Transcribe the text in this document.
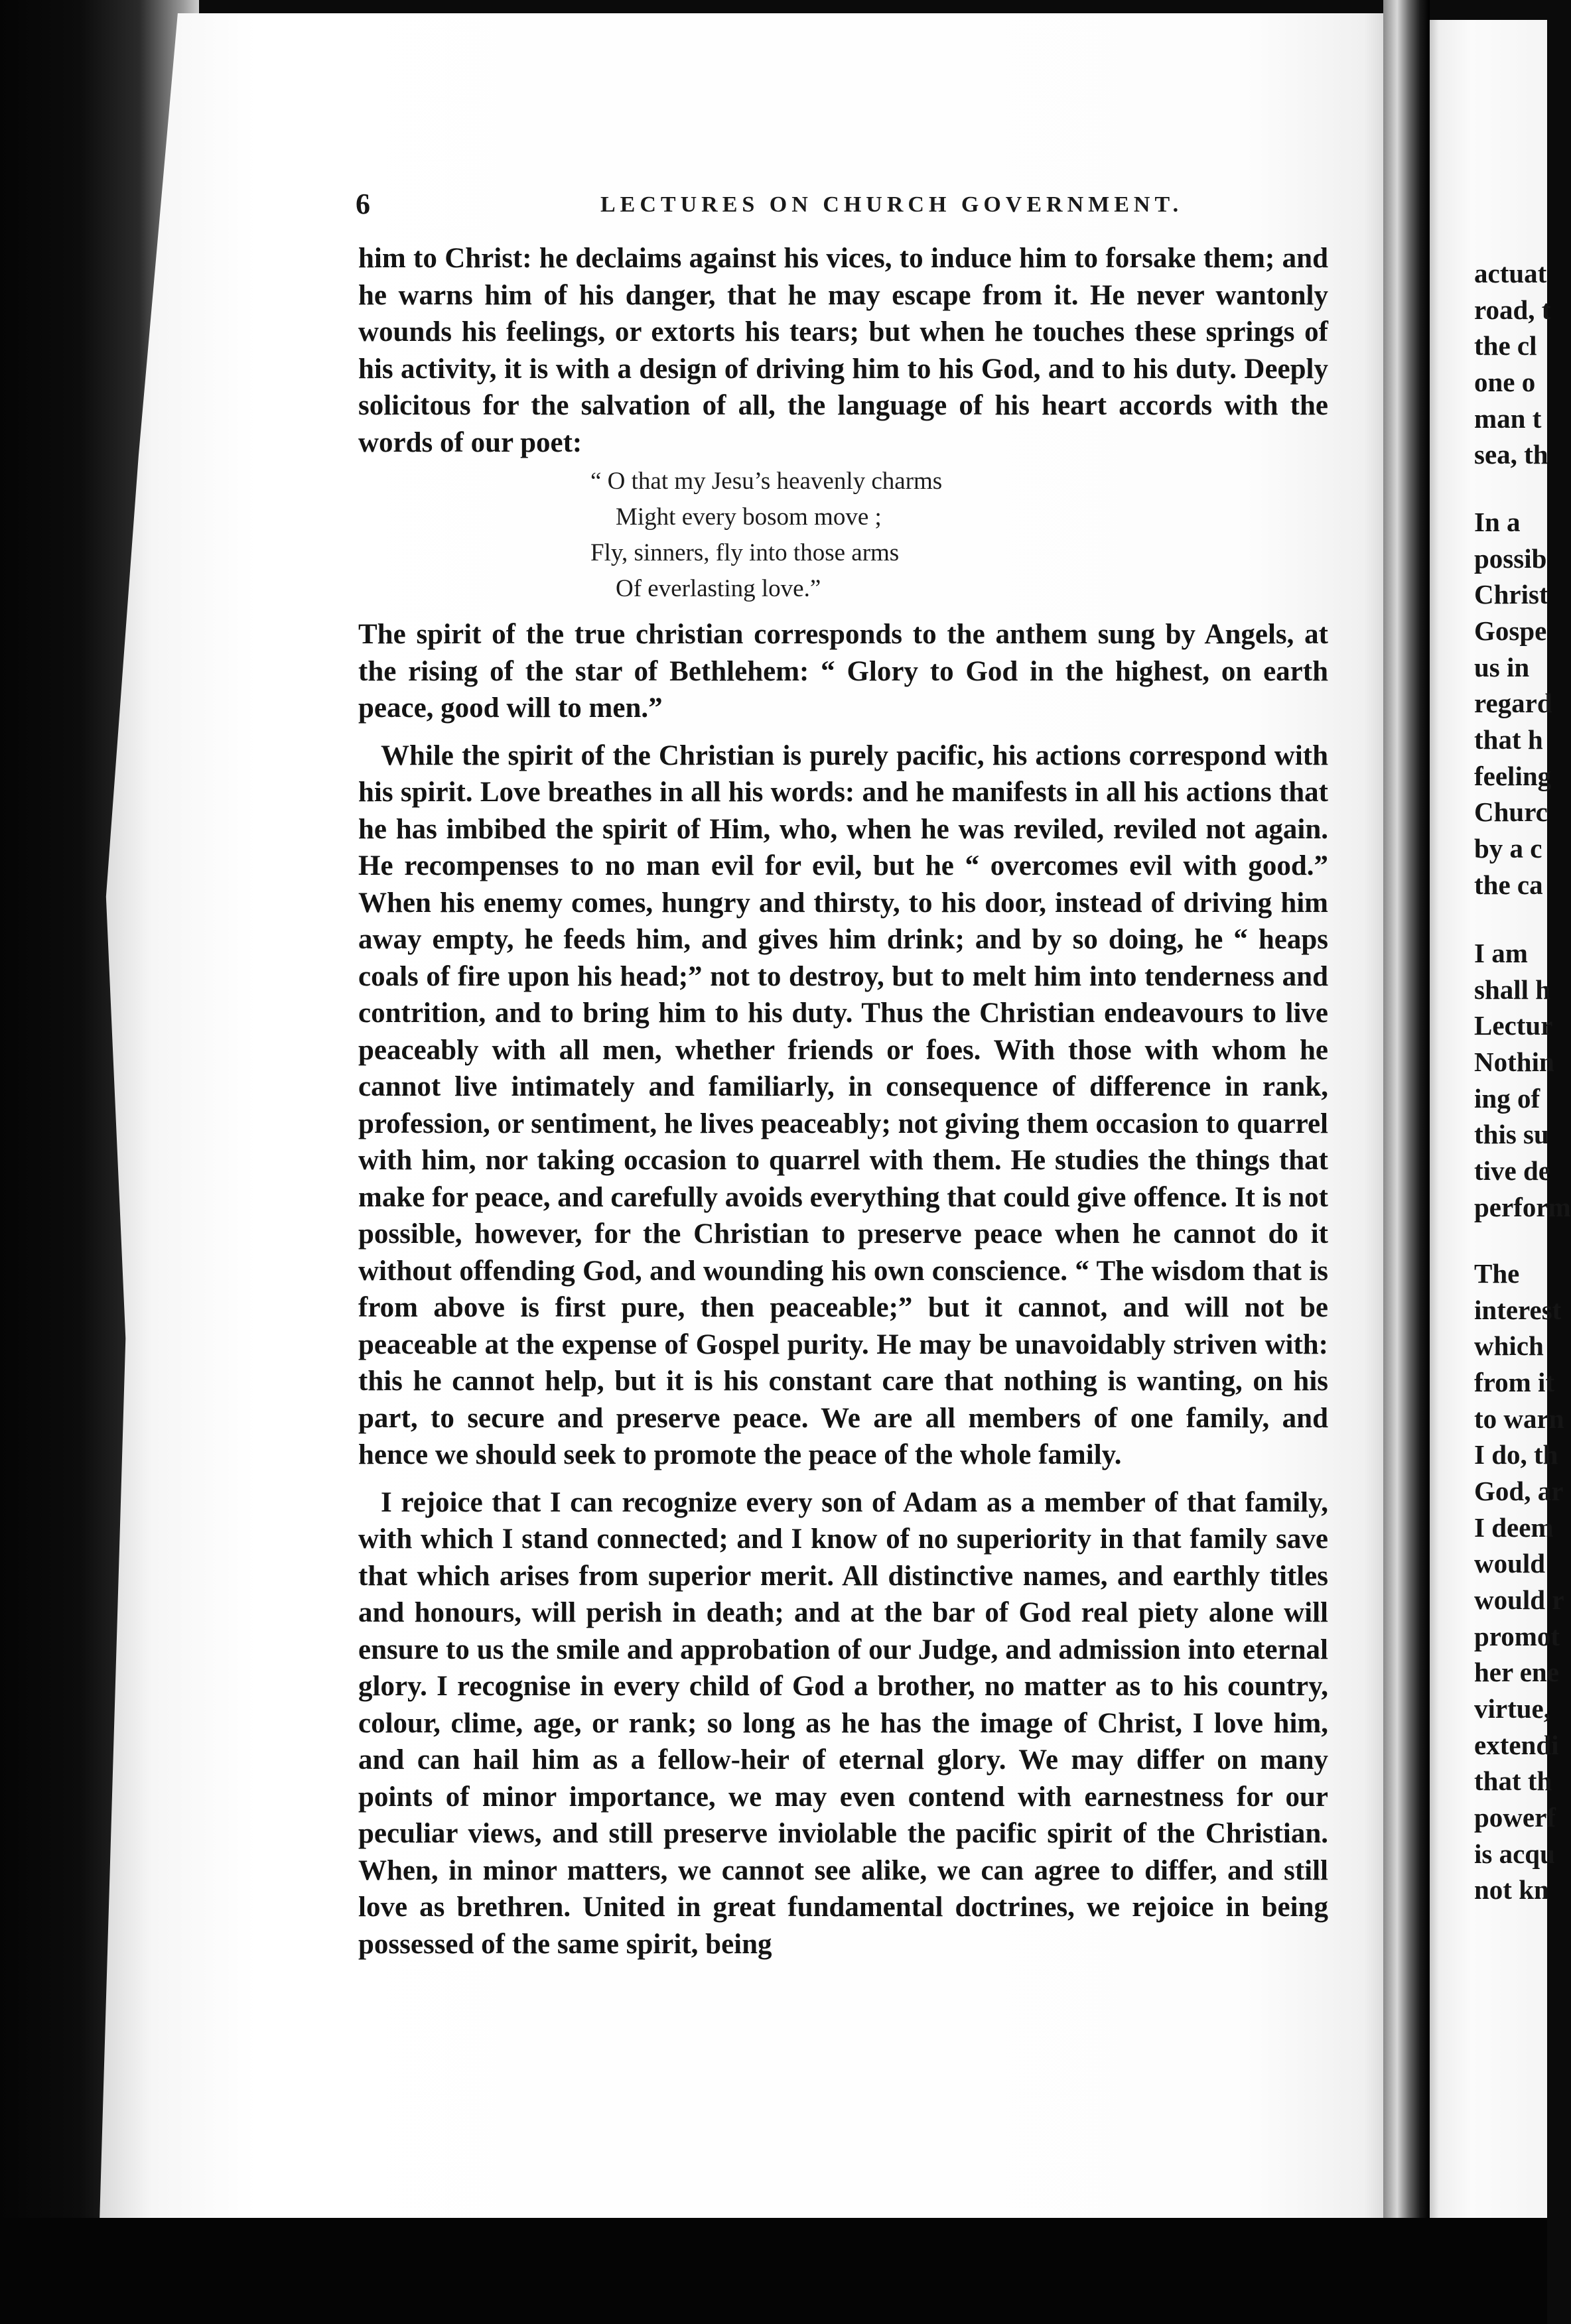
6	LECTURES ON CHURCH GOVERNMENT.

him to Christ: he declaims against his vices, to induce him to forsake them; and he warns him of his danger, that he may escape from it. He never wantonly wounds his feelings, or extorts his tears; but when he touches these springs of his activity, it is with a design of driving him to his God, and to his duty. Deeply solicitous for the salvation of all, the language of his heart accords with the words of our poet:

“ O that my Jesu’s heavenly charms
Might every bosom move ;
Fly, sinners, fly into those arms
Of everlasting love.”

The spirit of the true christian corresponds to the anthem sung by Angels, at the rising of the star of Bethlehem: “ Glory to God in the highest, on earth peace, good will to men.”

While the spirit of the Christian is purely pacific, his actions correspond with his spirit. Love breathes in all his words: and he manifests in all his actions that he has imbibed the spirit of Him, who, when he was reviled, reviled not again. He recompenses to no man evil for evil, but he “ overcomes evil with good.” When his enemy comes, hungry and thirsty, to his door, instead of driving him away empty, he feeds him, and gives him drink; and by so doing, he “ heaps coals of fire upon his head;” not to destroy, but to melt him into tenderness and contrition, and to bring him to his duty. Thus the Christian endeavours to live peaceably with all men, whether friends or foes. With those with whom he cannot live intimately and familiarly, in consequence of difference in rank, profession, or sentiment, he lives peaceably; not giving them occasion to quarrel with him, nor taking occasion to quarrel with them. He studies the things that make for peace, and carefully avoids everything that could give offence. It is not possible, however, for the Christian to preserve peace when he cannot do it without offending God, and wounding his own conscience. “ The wisdom that is from above is first pure, then peaceable;” but it cannot, and will not be peaceable at the expense of Gospel purity. He may be unavoidably striven with: this he cannot help, but it is his constant care that nothing is wanting, on his part, to secure and preserve peace. We are all members of one family, and hence we should seek to promote the peace of the whole family.

I rejoice that I can recognize every son of Adam as a member of that family, with which I stand connected; and I know of no superiority in that family save that which arises from superior merit. All distinctive names, and earthly titles and honours, will perish in death; and at the bar of God real piety alone will ensure to us the smile and approbation of our Judge, and admission into eternal glory. I recognise in every child of God a brother, no matter as to his country, colour, clime, age, or rank; so long as he has the image of Christ, I love him, and can hail him as a fellow-heir of eternal glory. We may differ on many points of minor importance, we may even contend with earnestness for our peculiar views, and still preserve inviolable the pacific spirit of the Christian. When, in minor matters, we cannot see alike, we can agree to differ, and still love as brethren. United in great fundamental doctrines, we rejoice in being possessed of the same spirit, being

actuat
road, t
the cl
one o
man t
sea, th
In a
possib
Christ
Gospe
us in
regard
that h
feeling
Churc
by a c
the ca
I am
shall h
Lectur
Nothin
ing of
this su
tive de
perform
The
interest
which
from it
to warn
I do, th
God, ar
I deem
would
would r
promot
her ene
virtue,
extendi
that th
powerf
is acqu
not kn
